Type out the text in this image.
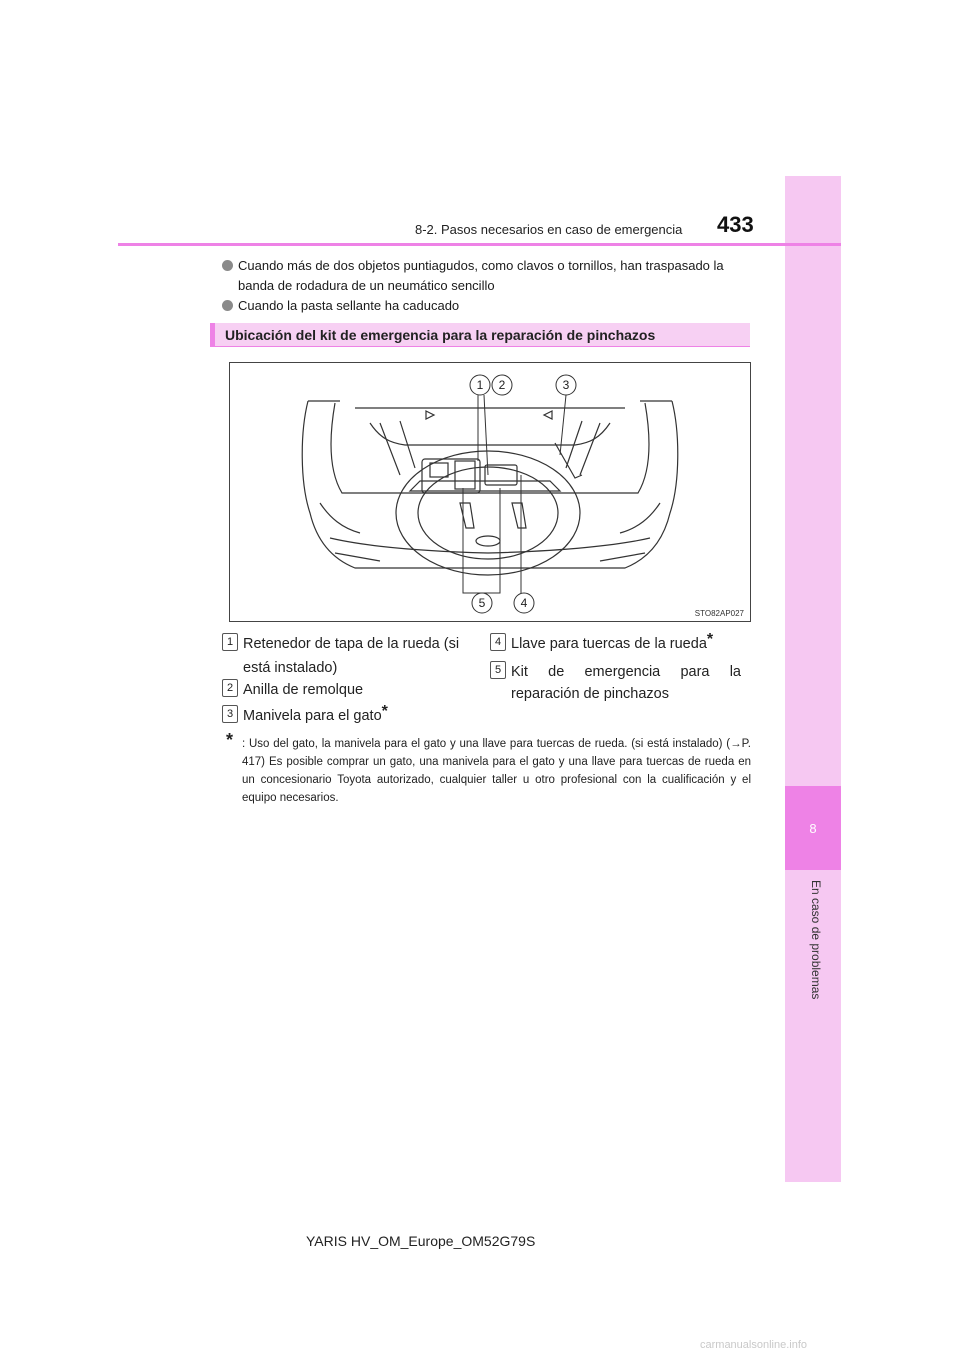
8
En caso de problemas
8-2. Pasos necesarios en caso de emergencia 433
Cuando más de dos objetos puntiagudos, como clavos o tornillos, han traspasado la banda de rodadura de un neumático sencillo
Cuando la pasta sellante ha caducado
Ubicación del kit de emergencia para la reparación de pinchazos
1 2	3
4
5
STO82AP027
1 Retenedor de tapa de la rueda (si
está instalado)
2 Anilla de remolque
3 Manivela para el gato*
4 Llave para tuercas de la rueda*
5 Kit de emergencia para la
reparación de pinchazos
* : Uso del gato, la manivela para el gato y una llave para tuercas de rueda. (si está instalado) (→P. 417) Es posible comprar un gato, una manivela para el gato y una llave para tuercas de rueda en un concesionario Toyota autorizado, cualquier taller u otro profesional con la cualificación y el equipo necesarios.
YARIS HV_OM_Europe_OM52G79S
carmanualsonline.info
